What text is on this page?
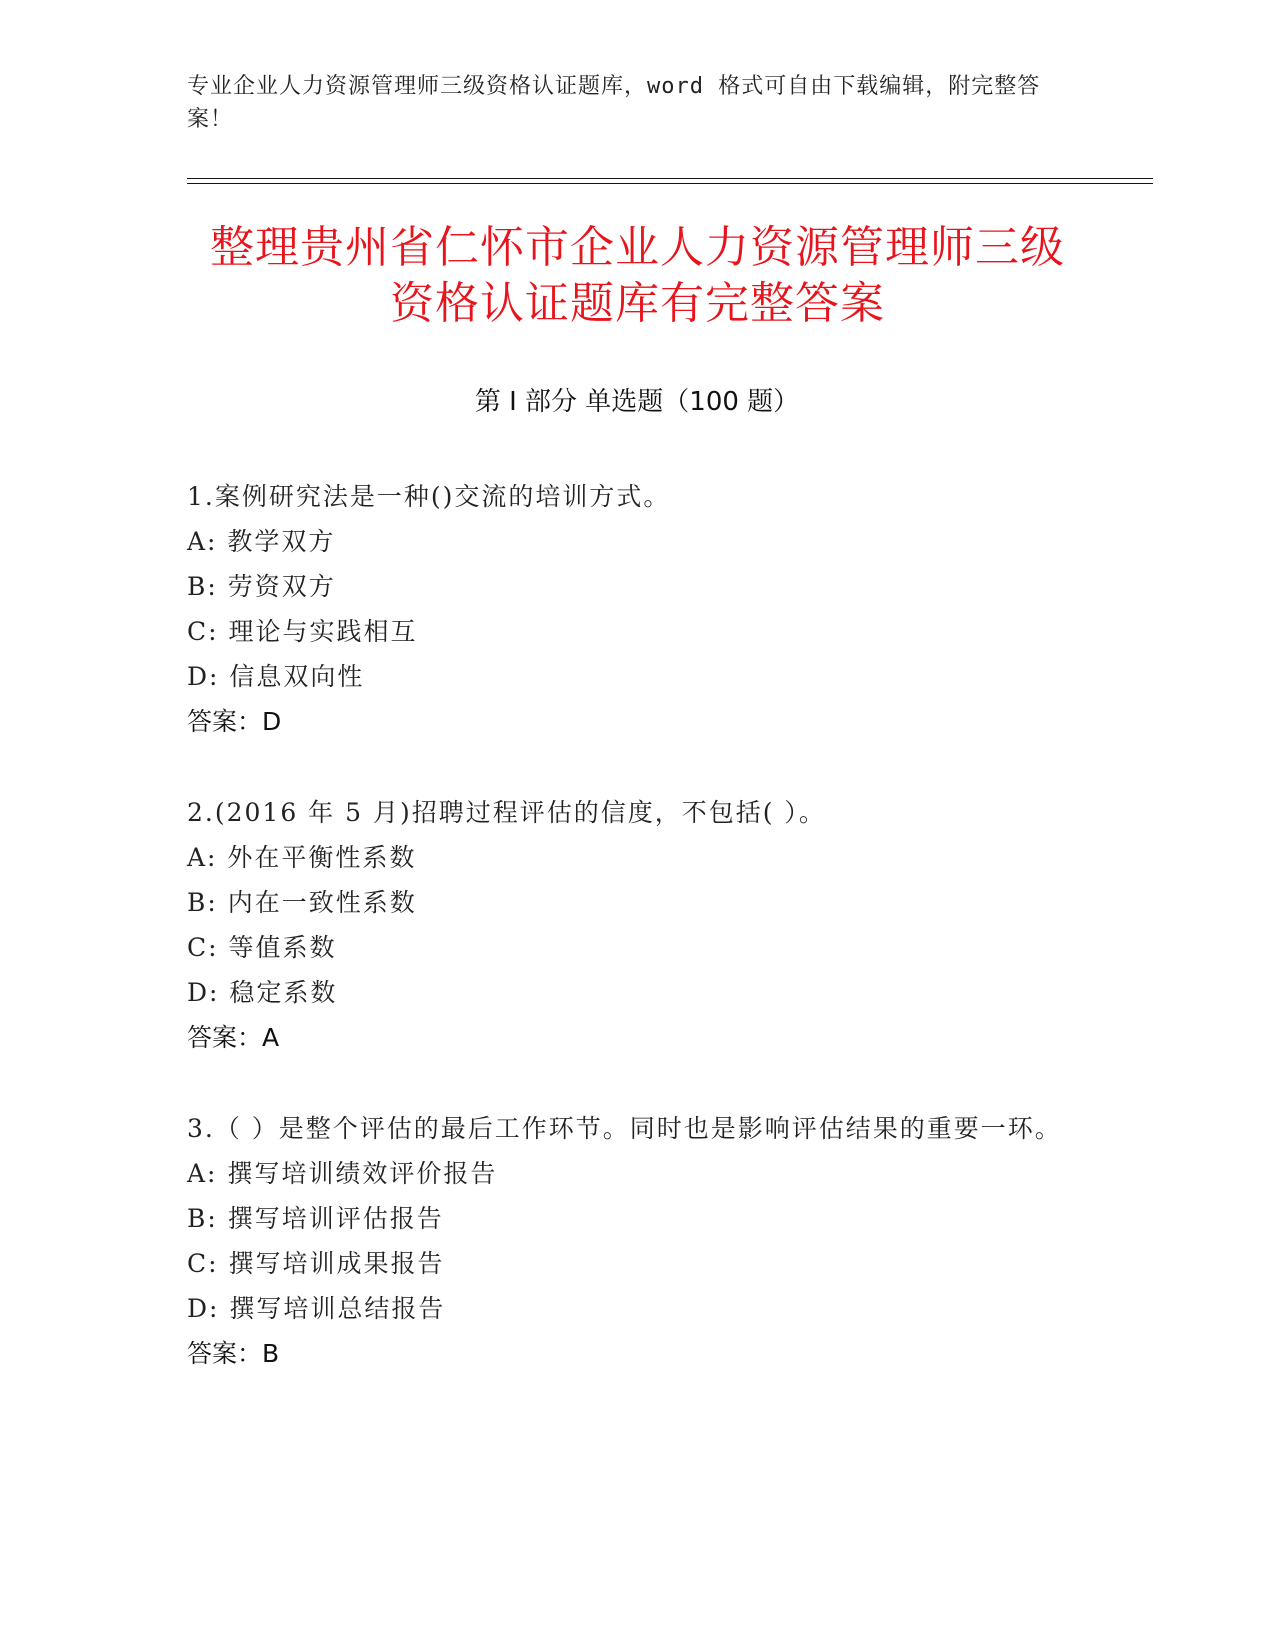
专业企业人力资源管理师三级资格认证题库，word 格式可自由下载编辑，附完整答案！
整理贵州省仁怀市企业人力资源管理师三级
资格认证题库有完整答案
第 I 部分 单选题（100 题）

1.案例研究法是一种()交流的培训方式。

A: 教学双方

B: 劳资双方

C: 理论与实践相互

D: 信息双向性

答案：D

2.(2016 年 5 月)招聘过程评估的信度，不包括( ）。

A: 外在平衡性系数

B: 内在一致性系数

C: 等值系数

D: 稳定系数

答案：A

3.（ ）是整个评估的最后工作环节。同时也是影响评估结果的重要一环。

A: 撰写培训绩效评价报告

B: 撰写培训评估报告

C: 撰写培训成果报告

D: 撰写培训总结报告

答案：B
